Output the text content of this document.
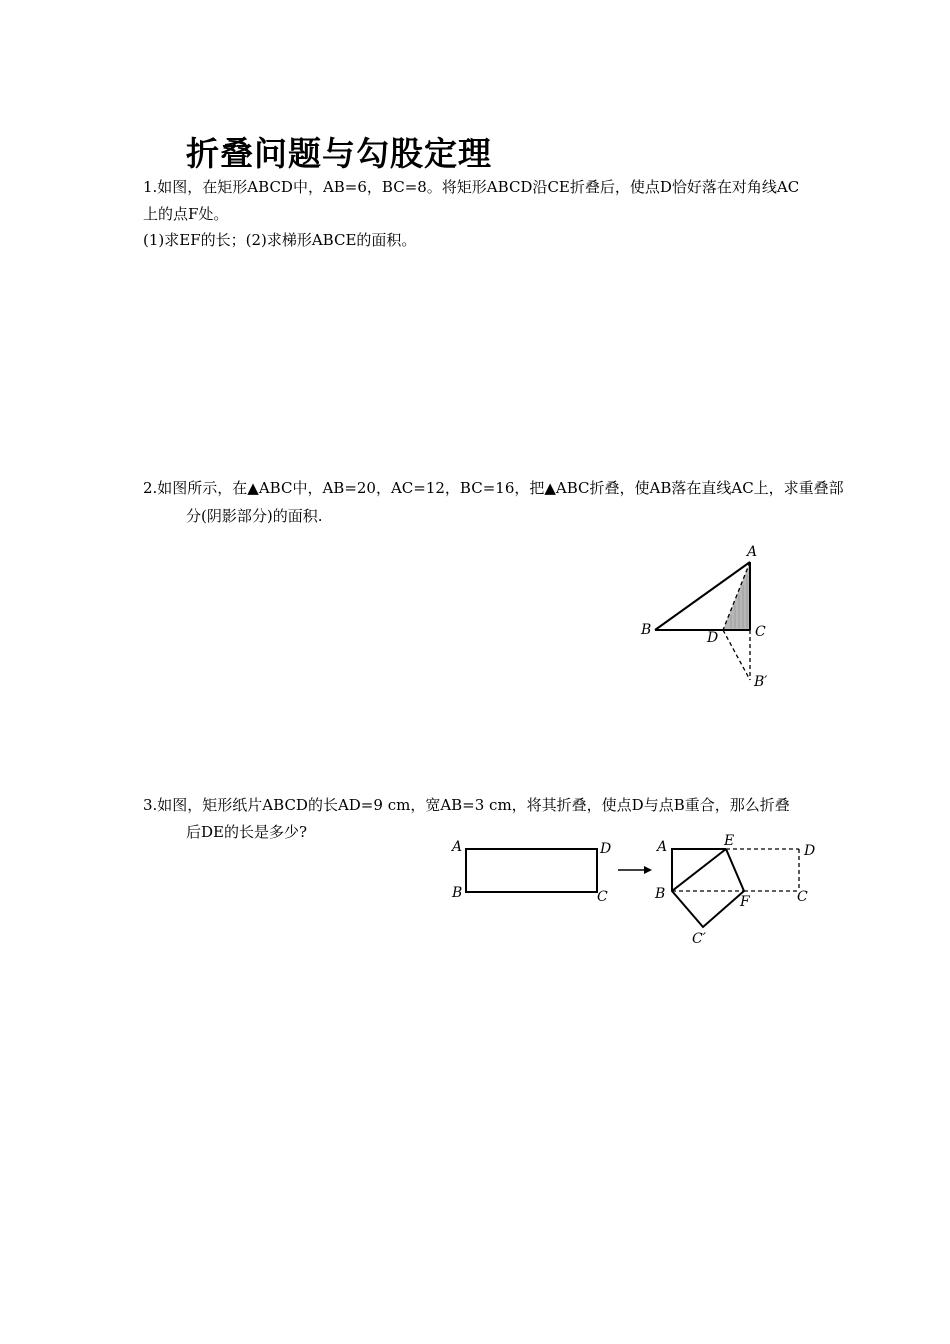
折叠问题与勾股定理
1.如图，在矩形ABCD中，AB=6，BC=8。将矩形ABCD沿CE折叠后，使点D恰好落在对角线AC
上的点F处。
(1)求EF的长；(2)求梯形ABCE的面积。
2.如图所示，在▲ABC中，AB=20，AC=12，BC=16，把▲ABC折叠，使AB落在直线AC上，求重叠部
分(阴影部分)的面积.
A
B	D	C
B′
3.如图，矩形纸片ABCD的长AD=9 cm，宽AB=3 cm，将其折叠，使点D与点B重合，那么折叠
后DE的长是多少?
A
B
D
C
A	E
D
B	F	C
C′
